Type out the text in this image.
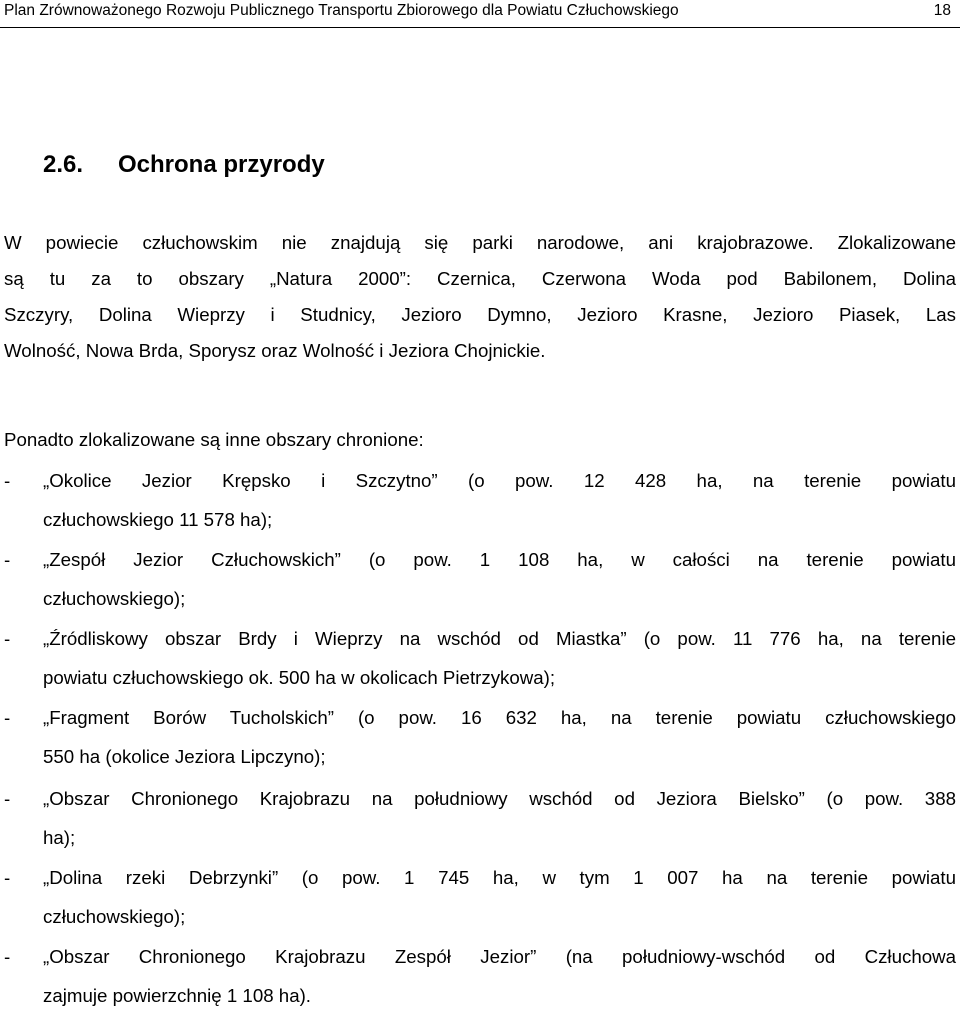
Plan Zrównoważonego Rozwoju Publicznego Transportu Zbiorowego dla Powiatu Człuchowskiego	18
2.6. Ochrona przyrody
W powiecie człuchowskim nie znajdują się parki narodowe, ani krajobrazowe. Zlokalizowane
są tu za to obszary „Natura 2000”: Czernica, Czerwona Woda pod Babilonem, Dolina
Szczyry, Dolina Wieprzy i Studnicy, Jezioro Dymno, Jezioro Krasne, Jezioro Piasek, Las
Wolność, Nowa Brda, Sporysz oraz Wolność i Jeziora Chojnickie.
Ponadto zlokalizowane są inne obszary chronione:
- „Okolice Jezior Krępsko i Szczytno” (o pow. 12 428 ha, na terenie powiatu
człuchowskiego 11 578 ha);
- „Zespół Jezior Człuchowskich” (o pow. 1 108 ha, w całości na terenie powiatu
człuchowskiego);
- „Źródliskowy obszar Brdy i Wieprzy na wschód od Miastka” (o pow. 11 776 ha, na terenie
powiatu człuchowskiego ok. 500 ha w okolicach Pietrzykowa);
- „Fragment Borów Tucholskich” (o pow. 16 632 ha, na terenie powiatu człuchowskiego
550 ha (okolice Jeziora Lipczyno);
- „Obszar Chronionego Krajobrazu na południowy wschód od Jeziora Bielsko” (o pow. 388
ha);
- „Dolina rzeki Debrzynki” (o pow. 1 745 ha, w tym 1 007 ha na terenie powiatu
człuchowskiego);
- „Obszar Chronionego Krajobrazu Zespół Jezior” (na południowy-wschód od Człuchowa
zajmuje powierzchnię 1 108 ha).
